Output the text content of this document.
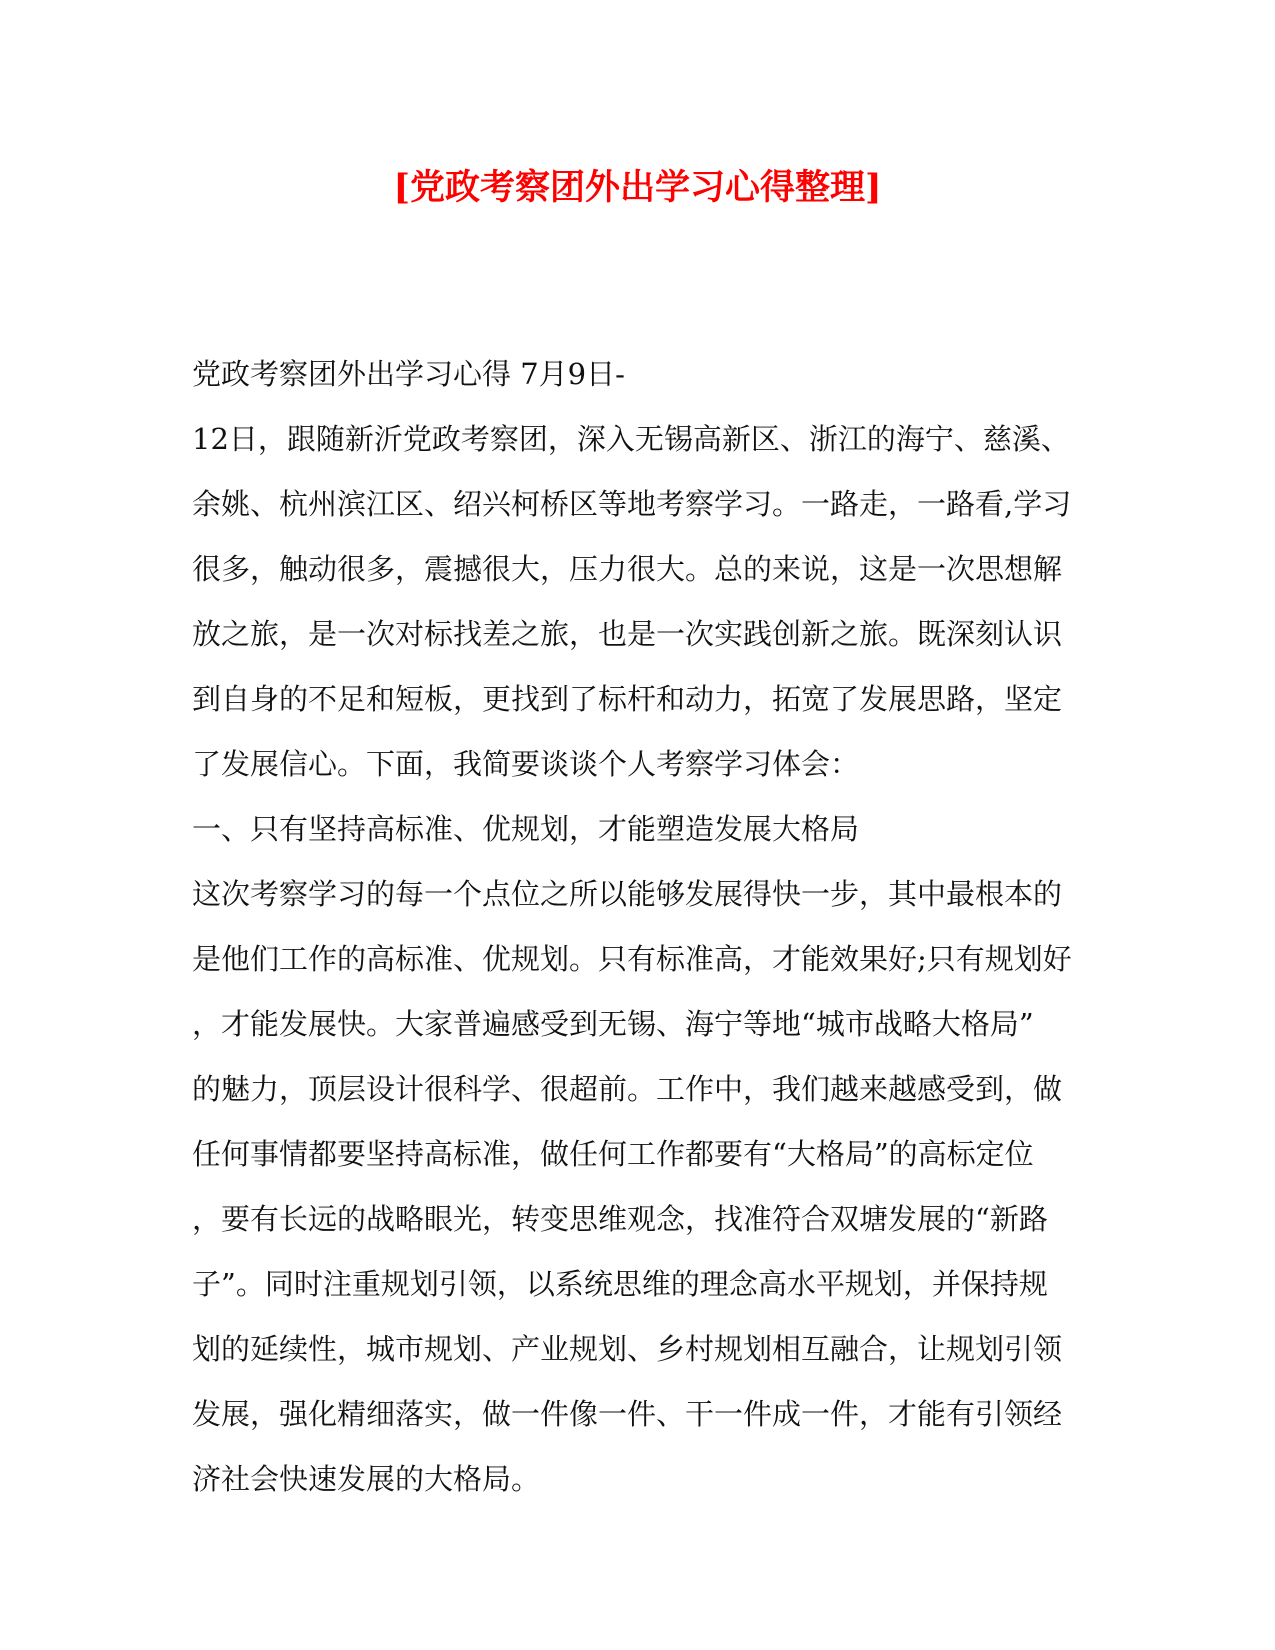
[党政考察团外出学习心得整理]

党政考察团外出学习心得 7月9日-

12日，跟随新沂党政考察团，深入无锡高新区、浙江的海宁、慈溪、

余姚、杭州滨江区、绍兴柯桥区等地考察学习。一路走，一路看,学习

很多，触动很多，震撼很大，压力很大。总的来说，这是一次思想解

放之旅，是一次对标找差之旅，也是一次实践创新之旅。既深刻认识

到自身的不足和短板，更找到了标杆和动力，拓宽了发展思路，坚定

了发展信心。下面，我简要谈谈个人考察学习体会：

一、只有坚持高标准、优规划，才能塑造发展大格局

这次考察学习的每一个点位之所以能够发展得快一步，其中最根本的

是他们工作的高标准、优规划。只有标准高，才能效果好;只有规划好

，才能发展快。大家普遍感受到无锡、海宁等地“城市战略大格局”

的魅力，顶层设计很科学、很超前。工作中，我们越来越感受到，做

任何事情都要坚持高标准，做任何工作都要有“大格局”的高标定位

，要有长远的战略眼光，转变思维观念，找准符合双塘发展的“新路

子”。同时注重规划引领，以系统思维的理念高水平规划，并保持规

划的延续性，城市规划、产业规划、乡村规划相互融合，让规划引领

发展，强化精细落实，做一件像一件、干一件成一件，才能有引领经

济社会快速发展的大格局。
